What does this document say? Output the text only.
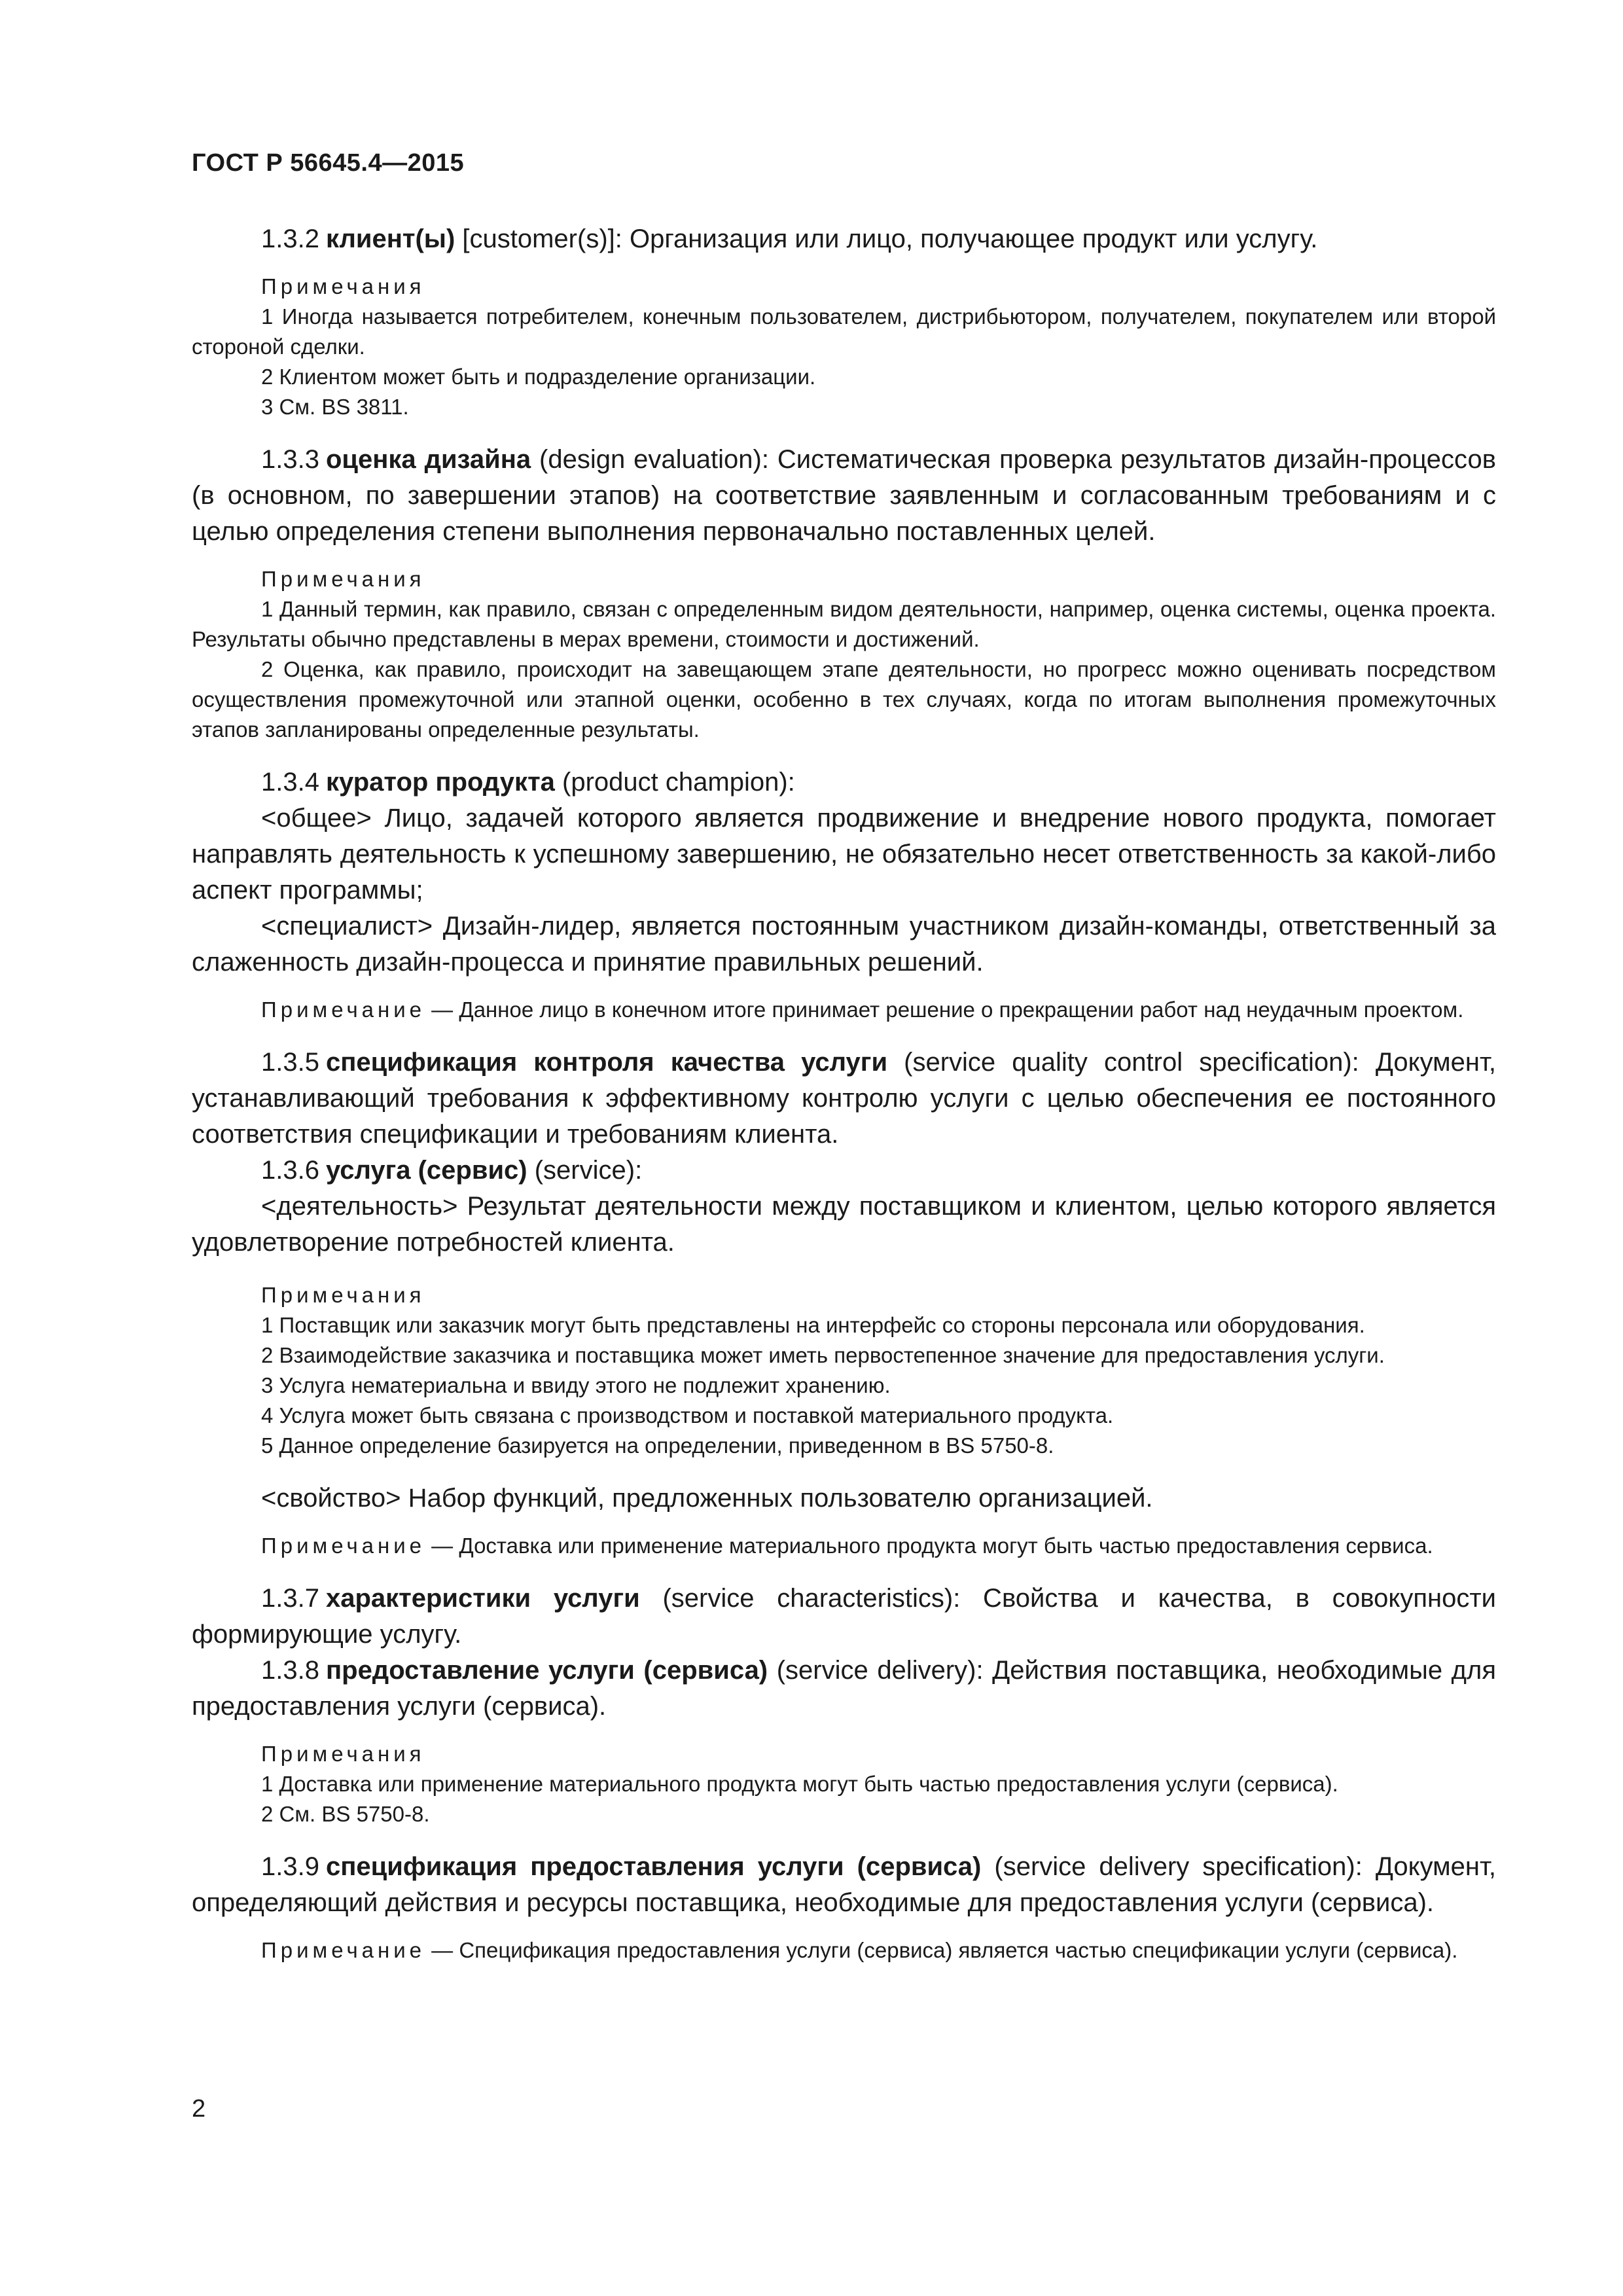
ГОСТ Р 56645.4—2015

1.3.2 клиент(ы) [customer(s)]: Организация или лицо, получающее продукт или услугу.

Примечания

1 Иногда называется потребителем, конечным пользователем, дистрибьютором, получателем, покупателем или второй стороной сделки.

2 Клиентом может быть и подразделение организации.

3 См. BS 3811.

1.3.3 оценка дизайна (design evaluation): Систематическая проверка результатов дизайн-процессов (в основном, по завершении этапов) на соответствие заявленным и согласованным требованиям и с целью определения степени выполнения первоначально поставленных целей.

Примечания

1 Данный термин, как правило, связан с определенным видом деятельности, например, оценка системы, оценка проекта. Результаты обычно представлены в мерах времени, стоимости и достижений.

2 Оценка, как правило, происходит на завещающем этапе деятельности, но прогресс можно оценивать посредством осуществления промежуточной или этапной оценки, особенно в тех случаях, когда по итогам выполнения промежуточных этапов запланированы определенные результаты.

1.3.4 куратор продукта (product champion):

<общее> Лицо, задачей которого является продвижение и внедрение нового продукта, помогает направлять деятельность к успешному завершению, не обязательно несет ответственность за какой-либо аспект программы;

<специалист> Дизайн-лидер, является постоянным участником дизайн-команды, ответственный за слаженность дизайн-процесса и принятие правильных решений.

Примечание — Данное лицо в конечном итоге принимает решение о прекращении работ над неудачным проектом.

1.3.5 спецификация контроля качества услуги (service quality control specification): Документ, устанавливающий требования к эффективному контролю услуги с целью обеспечения ее постоянного соответствия спецификации и требованиям клиента.

1.3.6 услуга (сервис) (service):

<деятельность> Результат деятельности между поставщиком и клиентом, целью которого является удовлетворение потребностей клиента.

Примечания

1 Поставщик или заказчик могут быть представлены на интерфейс со стороны персонала или оборудования.

2 Взаимодействие заказчика и поставщика может иметь первостепенное значение для предоставления услуги.

3 Услуга нематериальна и ввиду этого не подлежит хранению.

4 Услуга может быть связана с производством и поставкой материального продукта.

5 Данное определение базируется на определении, приведенном в BS 5750-8.

<свойство> Набор функций, предложенных пользователю организацией.

Примечание — Доставка или применение материального продукта могут быть частью предоставления сервиса.

1.3.7 характеристики услуги (service characteristics): Свойства и качества, в совокупности формирующие услугу.

1.3.8 предоставление услуги (сервиса) (service delivery): Действия поставщика, необходимые для предоставления услуги (сервиса).

Примечания

1 Доставка или применение материального продукта могут быть частью предоставления услуги (сервиса).

2 См. BS 5750-8.

1.3.9 спецификация предоставления услуги (сервиса) (service delivery specification): Документ, определяющий действия и ресурсы поставщика, необходимые для предоставления услуги (сервиса).

Примечание — Спецификация предоставления услуги (сервиса) является частью спецификации услуги (сервиса).

2
